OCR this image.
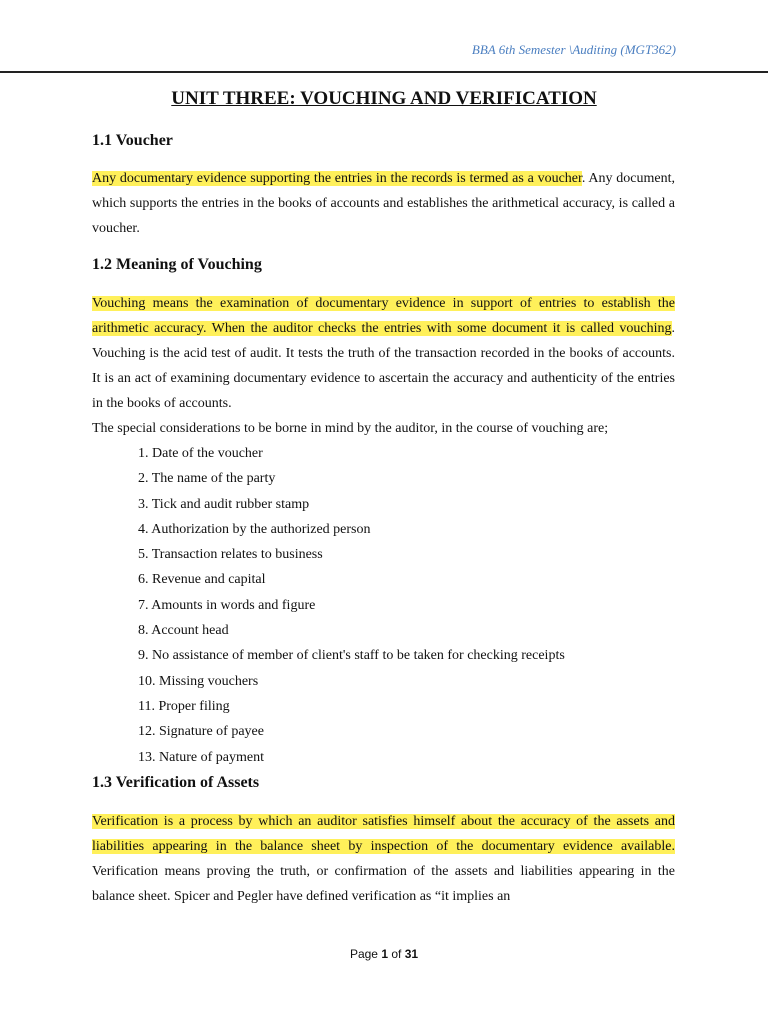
BBA 6th Semester \Auditing (MGT362)
UNIT THREE: VOUCHING AND VERIFICATION
1.1 Voucher

Any documentary evidence supporting the entries in the records is termed as a voucher. Any document, which supports the entries in the books of accounts and establishes the arithmetical accuracy, is called a voucher.

1.2 Meaning of Vouching

Vouching means the examination of documentary evidence in support of entries to establish the arithmetic accuracy. When the auditor checks the entries with some document it is called vouching. Vouching is the acid test of audit. It tests the truth of the transaction recorded in the books of accounts. It is an act of examining documentary evidence to ascertain the accuracy and authenticity of the entries in the books of accounts.

The special considerations to be borne in mind by the auditor, in the course of vouching are;

1. Date of the voucher
2. The name of the party
3. Tick and audit rubber stamp
4. Authorization by the authorized person
5. Transaction relates to business
6. Revenue and capital
7. Amounts in words and figure
8. Account head
9. No assistance of member of client's staff to be taken for checking receipts
10. Missing vouchers
11. Proper filing
12. Signature of payee
13. Nature of payment
1.3 Verification of Assets

Verification is a process by which an auditor satisfies himself about the accuracy of the assets and liabilities appearing in the balance sheet by inspection of the documentary evidence available. Verification means proving the truth, or confirmation of the assets and liabilities appearing in the balance sheet. Spicer and Pegler have defined verification as “it implies an

Page 1 of 31
